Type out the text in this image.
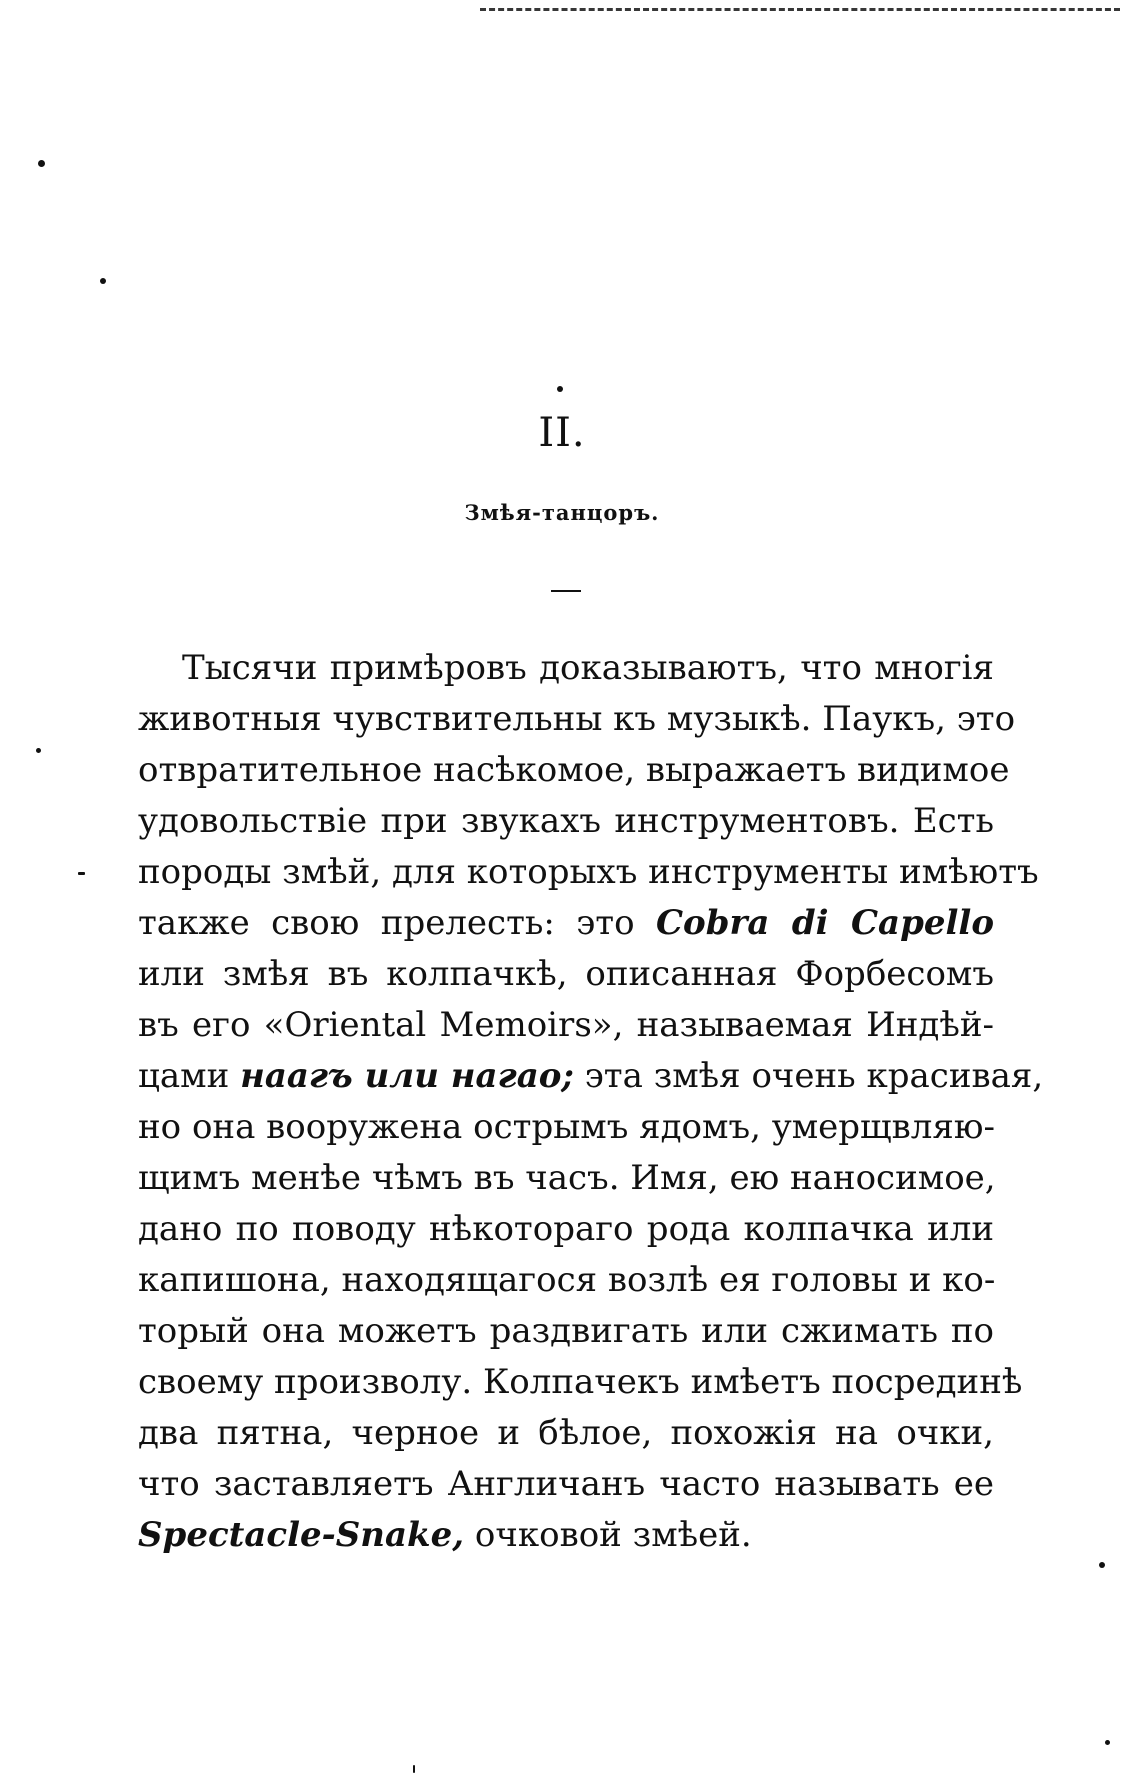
II.
Змѣя-танцоръ.
Тысячи примѣровъ доказываютъ, что многія
животныя чувствительны къ музыкѣ. Паукъ, это
отвратительное насѣкомое, выражаетъ видимое
удовольствіе при звукахъ инструментовъ. Есть
породы змѣй, для которыхъ инструменты имѣютъ
также свою прелесть: это Cobra di Capello
или змѣя въ колпачкѣ, описанная Форбесомъ
въ его «Oriental Memoirs», называемая Индѣй-
цами наагъ или нагао; эта змѣя очень красивая,
но она вооружена острымъ ядомъ, умерщвляю-
щимъ менѣе чѣмъ въ часъ. Имя, ею наносимое,
дано по поводу нѣкотораго рода колпачка или
капишона, находящагося возлѣ ея головы и ко-
торый она можетъ раздвигать или сжимать по
своему произволу. Колпачекъ имѣетъ посрединѣ
два пятна, черное и бѣлое, похожія на очки,
что заставляетъ Англичанъ часто называть ее
Spectacle-Snake, очковой змѣей.
